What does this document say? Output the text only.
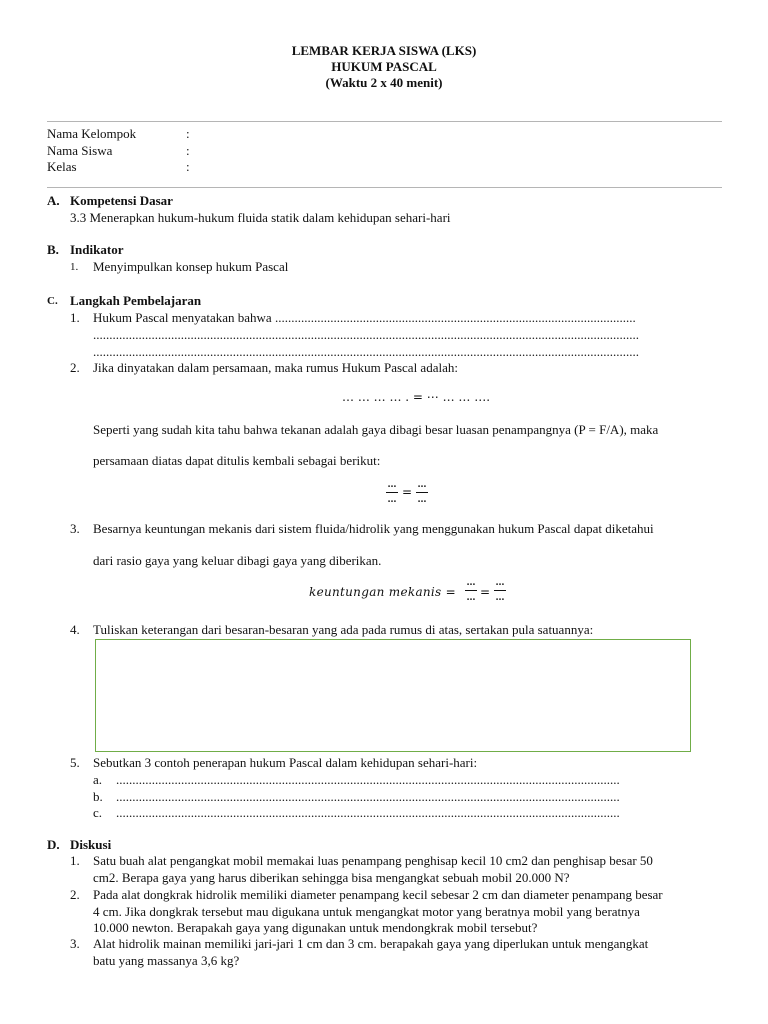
LEMBAR KERJA SISWA (LKS)
HUKUM PASCAL
(Waktu 2 x 40 menit)
Nama Kelompok	:
Nama Siswa	:
Kelas	:
A. Kompetensi Dasar
3.3 Menerapkan hukum-hukum fluida statik dalam kehidupan sehari-hari
B. Indikator
1. Menyimpulkan konsep hukum Pascal
C. Langkah Pembelajaran
1. Hukum Pascal menyatakan bahwa ...............................................................................................................
........................................................................................................................................................................
........................................................................................................................................................................
2. Jika dinyatakan dalam persamaan, maka rumus Hukum Pascal adalah:
… … … … . = ⋯ … … ….
Seperti yang sudah kita tahu bahwa tekanan adalah gaya dibagi besar luasan penampangnya (P = F/A), maka
persamaan diatas dapat ditulis kembali sebagai berikut:
…
…
= …
…
3. Besarnya keuntungan mekanis dari sistem fluida/hidrolik yang menggunakan hukum Pascal dapat diketahui
dari rasio gaya yang keluar dibagi gaya yang diberikan.
keuntungan mekanis =
…
… =
…
…
4. Tuliskan keterangan dari besaran-besaran yang ada pada rumus di atas, sertakan pula satuannya:
5. Sebutkan 3 contoh penerapan hukum Pascal dalam kehidupan sehari-hari:
a. ...........................................................................................................................................................
b. ...........................................................................................................................................................
c. ...........................................................................................................................................................
D. Diskusi
1. Satu buah alat pengangkat mobil memakai luas penampang penghisap kecil 10 cm2 dan penghisap besar 50
cm2. Berapa gaya yang harus diberikan sehingga bisa mengangkat sebuah mobil 20.000 N?
2. Pada alat dongkrak hidrolik memiliki diameter penampang kecil sebesar 2 cm dan diameter penampang besar
4 cm. Jika dongkrak tersebut mau digukana untuk mengangkat motor yang beratnya mobil yang beratnya
10.000 newton. Berapakah gaya yang digunakan untuk mendongkrak mobil tersebut?
3. Alat hidrolik mainan memiliki jari-jari 1 cm dan 3 cm. berapakah gaya yang diperlukan untuk mengangkat
batu yang massanya 3,6 kg?
